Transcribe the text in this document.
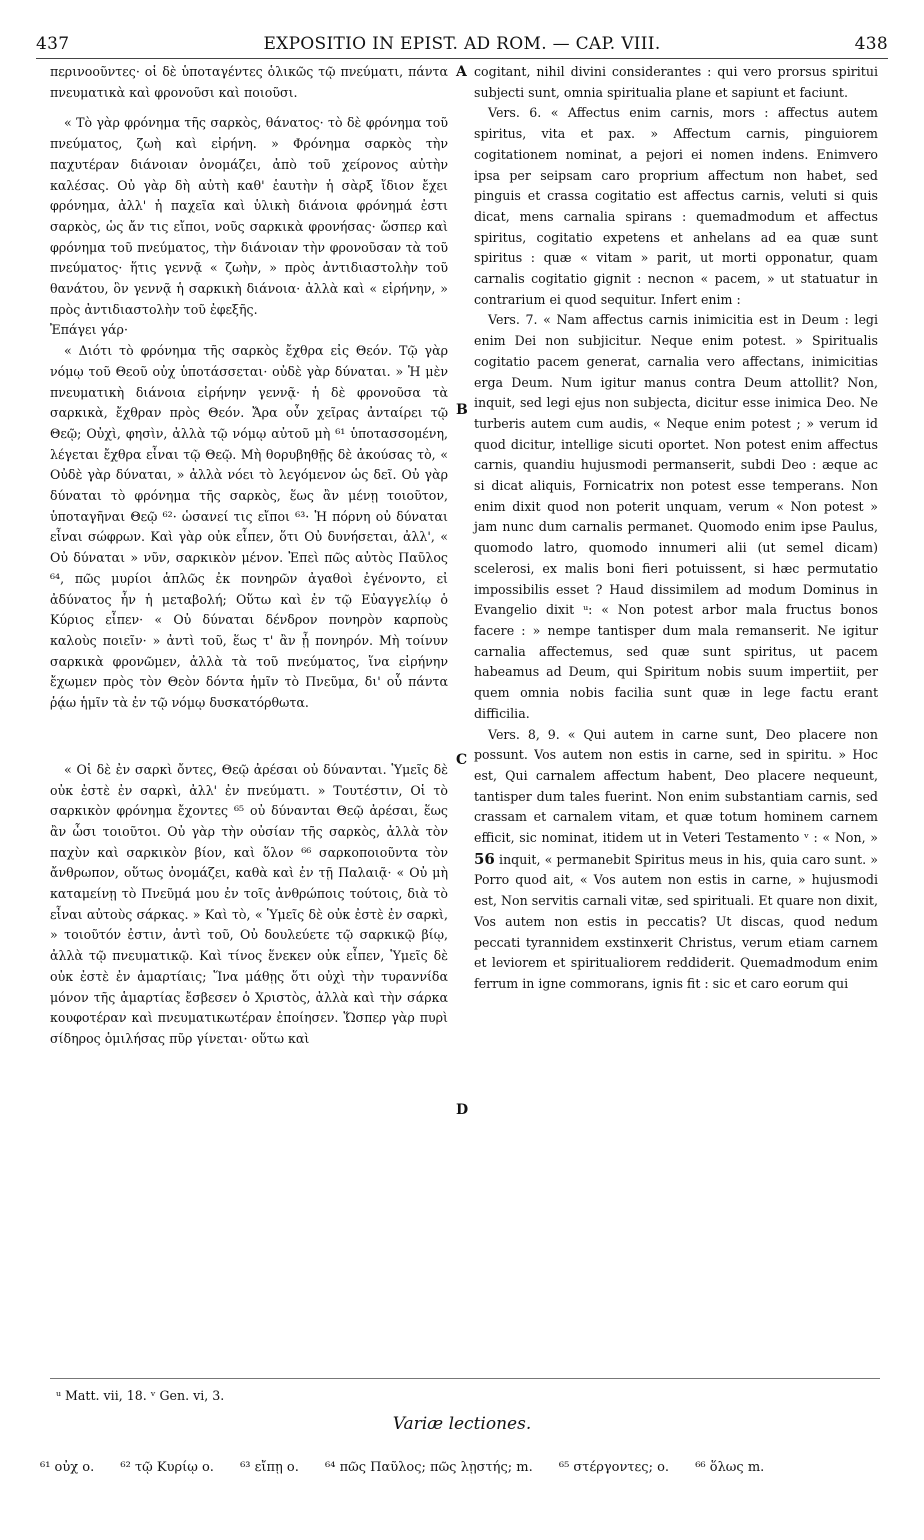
437	EXPOSITIO IN EPIST. AD ROM. — CAP. VIII.	438

περινοοῦντες· οἱ δὲ ὑποταγέντες ὁλικῶς τῷ πνεύματι, πάντα πνευματικὰ καὶ φρονοῦσι καὶ ποιοῦσι.

« Τὸ γὰρ φρόνημα τῆς σαρκὸς, θάνατος· τὸ δὲ φρόνημα τοῦ πνεύματος, ζωὴ καὶ εἰρήνη. » Φρόνημα σαρκὸς τὴν παχυτέραν διάνοιαν ὀνομάζει, ἀπὸ τοῦ χείρονος αὐτὴν καλέσας. Οὐ γὰρ δὴ αὐτὴ καθ' ἑαυτὴν ἡ σὰρξ ἴδιον ἔχει φρόνημα, ἀλλ' ἡ παχεῖα καὶ ὑλικὴ διάνοια φρόνημά ἐστι σαρκὸς, ὡς ἄν τις εἴποι, νοῦς σαρκικὰ φρονήσας· ὥσπερ καὶ φρόνημα τοῦ πνεύματος, τὴν διάνοιαν τὴν φρονοῦσαν τὰ τοῦ πνεύματος· ἥτις γεννᾷ « ζωὴν, » πρὸς ἀντιδιαστολὴν τοῦ θανάτου, ὃν γεννᾷ ἡ σαρκικὴ διάνοια· ἀλλὰ καὶ « εἰρήνην, » πρὸς ἀντιδιαστολὴν τοῦ ἐφεξῆς.

Ἐπάγει γάρ·

« Διότι τὸ φρόνημα τῆς σαρκὸς ἔχθρα εἰς Θεόν. Τῷ γὰρ νόμῳ τοῦ Θεοῦ οὐχ ὑποτάσσεται· οὐδὲ γὰρ δύναται. » Ἡ μὲν πνευματικὴ διάνοια εἰρήνην γεννᾷ· ἡ δὲ φρονοῦσα τὰ σαρκικὰ, ἔχθραν πρὸς Θεόν. Ἄρα οὖν χεῖρας ἀνταίρει τῷ Θεῷ; Οὐχὶ, φησὶν, ἀλλὰ τῷ νόμῳ αὐτοῦ μὴ ⁶¹ ὑποτασσομένη, λέγεται ἔχθρα εἶναι τῷ Θεῷ. Μὴ θορυβηθῇς δὲ ἀκούσας τὸ, « Οὐδὲ γὰρ δύναται, » ἀλλὰ νόει τὸ λεγόμενον ὡς δεῖ. Οὐ γὰρ δύναται τὸ φρόνημα τῆς σαρκὸς, ἕως ἂν μένῃ τοιοῦτον, ὑποταγῆναι Θεῷ ⁶²· ὡσανεί τις εἴποι ⁶³· Ἡ πόρνη οὐ δύναται εἶναι σώφρων. Καὶ γὰρ οὐκ εἶπεν, ὅτι Οὐ δυνήσεται, ἀλλ', « Οὐ δύναται » νῦν, σαρκικὸν μένον. Ἐπεὶ πῶς αὐτὸς Παῦλος ⁶⁴, πῶς μυρίοι ἁπλῶς ἐκ πονηρῶν ἀγαθοὶ ἐγένοντο, εἰ ἀδύνατος ἦν ἡ μεταβολή; Οὕτω καὶ ἐν τῷ Εὐαγγελίῳ ὁ Κύριος εἶπεν· « Οὐ δύναται δένδρον πονηρὸν καρποὺς καλοὺς ποιεῖν· » ἀντὶ τοῦ, ἕως τ' ἂν ᾖ πονηρόν. Μὴ τοίνυν σαρκικὰ φρονῶμεν, ἀλλὰ τὰ τοῦ πνεύματος, ἵνα εἰρήνην ἔχωμεν πρὸς τὸν Θεὸν δόντα ἡμῖν τὸ Πνεῦμα, δι' οὗ πάντα ῥᾴω ἡμῖν τὰ ἐν τῷ νόμῳ δυσκατόρθωτα.

« Οἱ δὲ ἐν σαρκὶ ὄντες, Θεῷ ἀρέσαι οὐ δύνανται. Ὑμεῖς δὲ οὐκ ἐστὲ ἐν σαρκὶ, ἀλλ' ἐν πνεύματι. » Τουτέστιν, Οἱ τὸ σαρκικὸν φρόνημα ἔχοντες ⁶⁵ οὐ δύνανται Θεῷ ἀρέσαι, ἕως ἂν ὦσι τοιοῦτοι. Οὐ γὰρ τὴν οὐσίαν τῆς σαρκὸς, ἀλλὰ τὸν παχὺν καὶ σαρκικὸν βίον, καὶ ὅλον ⁶⁶ σαρκοποιοῦντα τὸν ἄνθρωπον, οὕτως ὀνομάζει, καθὰ καὶ ἐν τῇ Παλαιᾷ· « Οὐ μὴ καταμείνῃ τὸ Πνεῦμά μου ἐν τοῖς ἀνθρώποις τούτοις, διὰ τὸ εἶναι αὐτοὺς σάρκας. » Καὶ τὸ, « Ὑμεῖς δὲ οὐκ ἐστὲ ἐν σαρκὶ, » τοιοῦτόν ἐστιν, ἀντὶ τοῦ, Οὐ δουλεύετε τῷ σαρκικῷ βίῳ, ἀλλὰ τῷ πνευματικῷ. Καὶ τίνος ἕνεκεν οὐκ εἶπεν, Ὑμεῖς δὲ οὐκ ἐστὲ ἐν ἁμαρτίαις; Ἵνα μάθῃς ὅτι οὐχὶ τὴν τυραννίδα μόνον τῆς ἁμαρτίας ἔσβεσεν ὁ Χριστὸς, ἀλλὰ καὶ τὴν σάρκα κουφοτέραν καὶ πνευματικωτέραν ἐποίησεν. Ὥσπερ γὰρ πυρὶ σίδηρος ὁμιλήσας πῦρ γίνεται· οὕτω καὶ

A
B
C
D

cogitant, nihil divini considerantes : qui vero prorsus spiritui subjecti sunt, omnia spiritualia plane et sapiunt et faciunt.

Vers. 6. « Affectus enim carnis, mors : affectus autem spiritus, vita et pax. » Affectum carnis, pinguiorem cogitationem nominat, a pejori ei nomen indens. Enimvero ipsa per seipsam caro proprium affectum non habet, sed pinguis et crassa cogitatio est affectus carnis, veluti si quis dicat, mens carnalia spirans : quemadmodum et affectus spiritus, cogitatio expetens et anhelans ad ea quæ sunt spiritus : quæ « vitam » parit, ut morti opponatur, quam carnalis cogitatio gignit : necnon « pacem, » ut statuatur in contrarium ei quod sequitur. Infert enim :

Vers. 7. « Nam affectus carnis inimicitia est in Deum : legi enim Dei non subjicitur. Neque enim potest. » Spiritualis cogitatio pacem generat, carnalia vero affectans, inimicitias erga Deum. Num igitur manus contra Deum attollit? Non, inquit, sed legi ejus non subjecta, dicitur esse inimica Deo. Ne turberis autem cum audis, « Neque enim potest ; » verum id quod dicitur, intellige sicuti oportet. Non potest enim affectus carnis, quandiu hujusmodi permanserit, subdi Deo : æque ac si dicat aliquis, Fornicatrix non potest esse temperans. Non enim dixit quod non poterit unquam, verum « Non potest » jam nunc dum carnalis permanet. Quomodo enim ipse Paulus, quomodo latro, quomodo innumeri alii (ut semel dicam) scelerosi, ex malis boni fieri potuissent, si hæc permutatio impossibilis esset ? Haud dissimilem ad modum Dominus in Evangelio dixit ᵘ: « Non potest arbor mala fructus bonos facere : » nempe tantisper dum mala remanserit. Ne igitur carnalia affectemus, sed quæ sunt spiritus, ut pacem habeamus ad Deum, qui Spiritum nobis suum impertiit, per quem omnia nobis facilia sunt quæ in lege factu erant difficilia.

Vers. 8, 9. « Qui autem in carne sunt, Deo placere non possunt. Vos autem non estis in carne, sed in spiritu. » Hoc est, Qui carnalem affectum habent, Deo placere nequeunt, tantisper dum tales fuerint. Non enim substantiam carnis, sed crassam et carnalem vitam, et quæ totum hominem carnem efficit, sic nominat, itidem ut in Veteri Testamento ᵛ : « Non, » 56 inquit, « permanebit Spiritus meus in his, quia caro sunt. » Porro quod ait, « Vos autem non estis in carne, » hujusmodi est, Non servitis carnali vitæ, sed spirituali. Et quare non dixit, Vos autem non estis in peccatis? Ut discas, quod nedum peccati tyrannidem exstinxerit Christus, verum etiam carnem et leviorem et spiritualiorem reddiderit. Quemadmodum enim ferrum in igne commorans, ignis fit : sic et caro eorum qui

ᵘ Matt. vii, 18. ᵛ Gen. vi, 3.
Variæ lectiones.
⁶¹ οὐχ ο. ⁶² τῷ Κυρίῳ ο. ⁶³ εἴπῃ ο. ⁶⁴ πῶς Παῦλος; πῶς λῃστής; m. ⁶⁵ στέργοντες; ο. ⁶⁶ ὅλως m.
